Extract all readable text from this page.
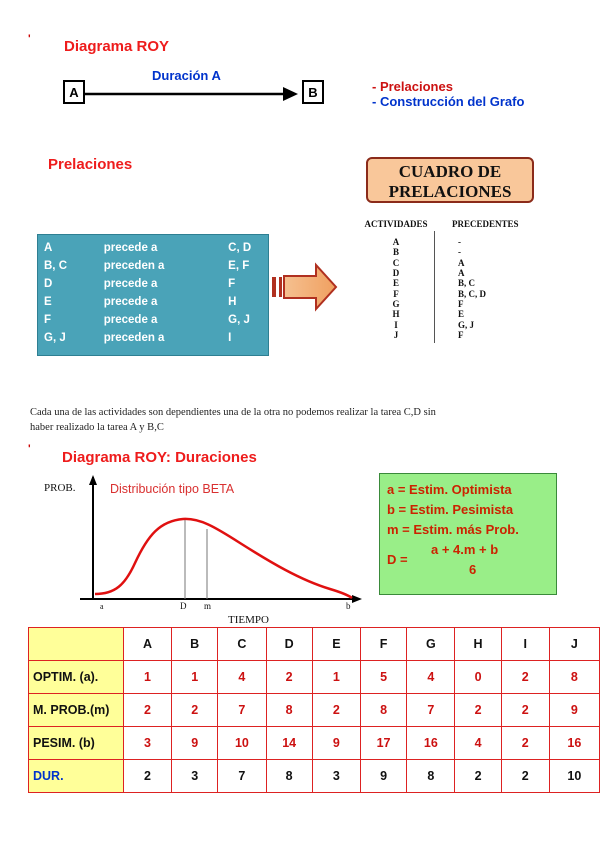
' Diagrama ROY
A
Duración A
B	- Prelaciones
- Construcción del Grafo
Prelaciones
A	precede a	C, D
B, C	preceden a	E, F
D	precede a	F
E	precede a	H
F	precede a	G, J
G, J	preceden a	I
CUADRO DE
PRELACIONES
ACTIVIDADES	PRECEDENTES
A	-
B	-
C	A
D	A
E	B, C
F	B, C, D
G	F
H	E
I	G, J
J	F
Cada una de las actividades son dependientes una de la otra no podemos realizar la tarea C,D sin
haber realizado la tarea A y B,C
' Diagrama ROY: Duraciones
PROB.	Distribución tipo BETA
a	D m	b
TIEMPO
a = Estim. Optimista
b = Estim. Pesimista
m = Estim. más Prob.
D =
a + 4.m + b
6
	A	B	C	D	E	F	G	H	I	J
OPTIM. (a).	1	1	4	2	1	5	4	0	2	8
M. PROB.(m)	2	2	7	8	2	8	7	2	2	9
PESIM. (b)	3	9	10	14	9	17	16	4	2	16
DUR.	2	3	7	8	3	9	8	2	2	10
